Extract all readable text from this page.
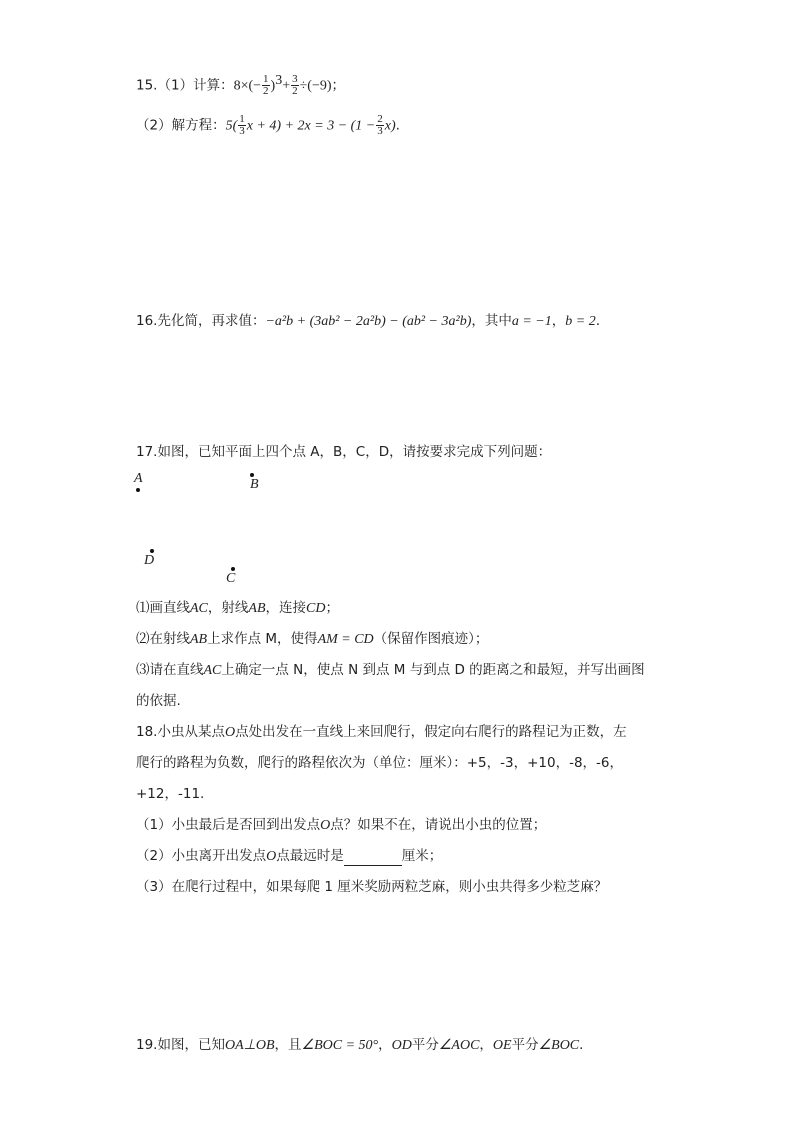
15.（1）计算：$8\times(- \frac{1}{2} )^3+ \frac{3}{2} \div(-9)$；
（2）解方程：$5( \frac{1}{3}$ $x + 4) + 2x = 3 - (1 - \frac{2}{3} x)$.
16.先化简，再求值：−a²b + (3ab² − 2a²b) − (ab² − 3a²b)，其中a = −1，b = 2.
17.如图，已知平面上四个点 A，B，C，D，请按要求完成下列问题：
A	B
D
C
⑴画直线AC，射线AB，连接CD；
⑵在射线AB上求作点 M，使得AM = CD（保留作图痕迹）；
⑶请在直线AC上确定一点 N，使点 N 到点 M 与到点 D 的距离之和最短，并写出画图
的依据.
18.小虫从某点O点处出发在一直线上来回爬行，假定向右爬行的路程记为正数，左
爬行的路程为负数，爬行的路程依次为（单位：厘米）：+5，-3，+10，-8，-6，
+12，-11.
（1）小虫最后是否回到出发点O点？如果不在，请说出小虫的位置；
（2）小虫离开出发点O点最远时是	厘米；
（3）在爬行过程中，如果每爬 1 厘米奖励两粒芝麻，则小虫共得多少粒芝麻？
19.如图，已知OA⊥OB，且∠BOC = 50°，OD平分∠AOC，OE平分∠BOC.
